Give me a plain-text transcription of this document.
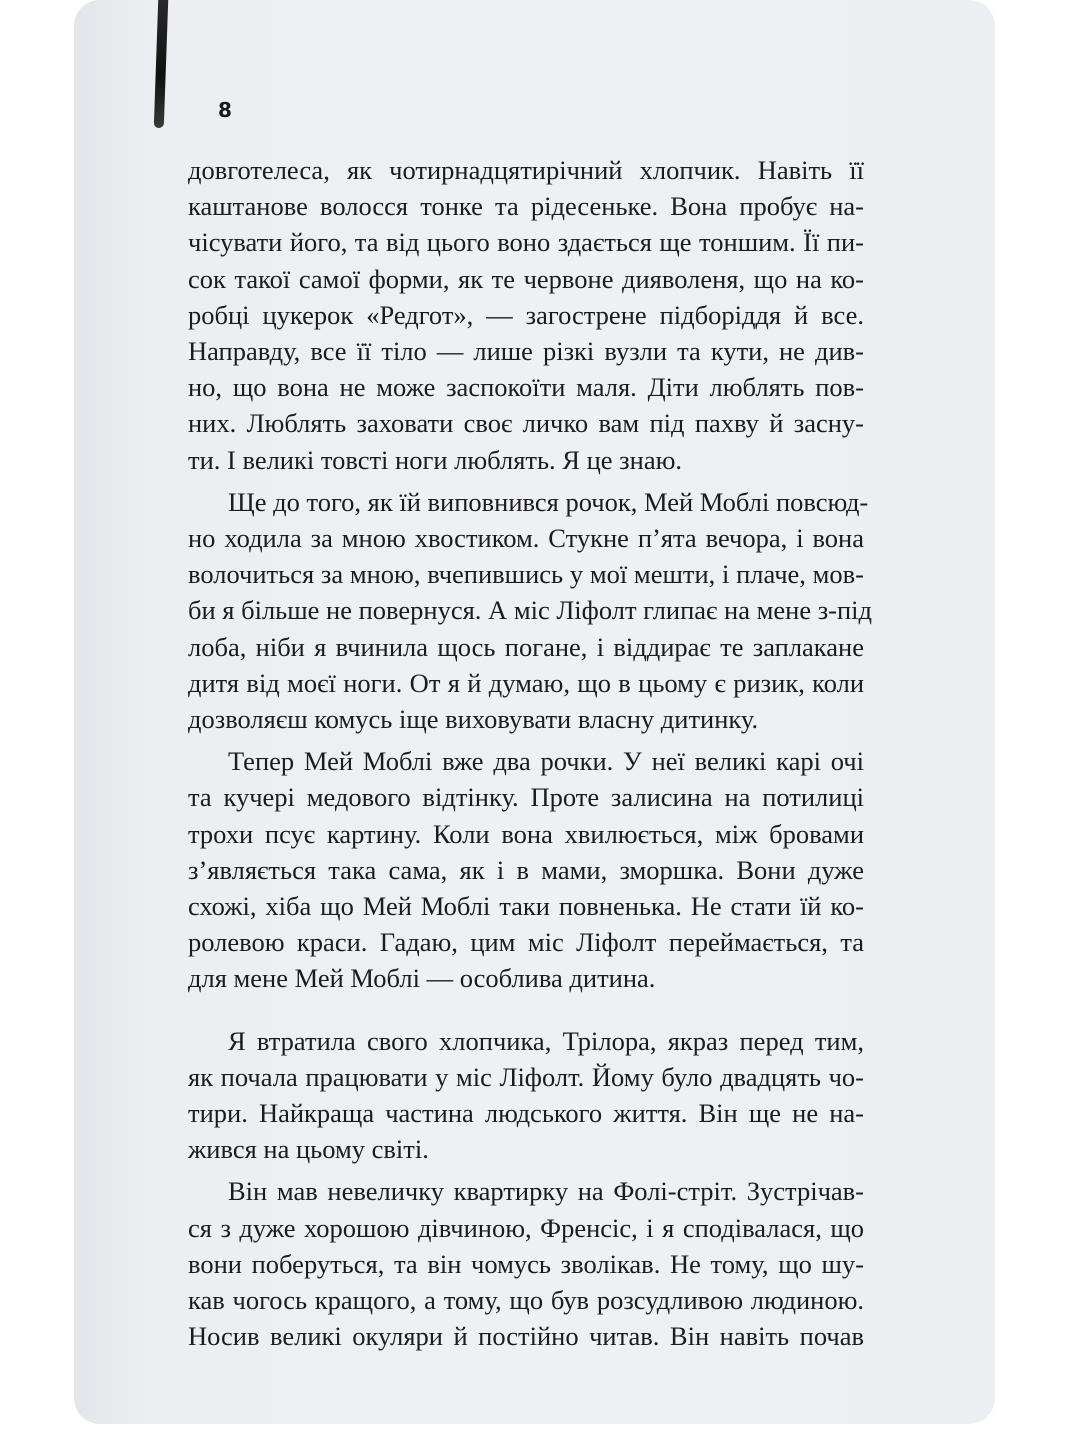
8
довготелеса, як чотирнадцятирічний хлопчик. Навіть її
каштанове волосся тонке та рідесеньке. Вона пробує на-
чісувати його, та від цього воно здається ще тоншим. Її пи-
сок такої самої форми, як те червоне дияволеня, що на ко-
робці цукерок «Редгот», — загострене підборіддя й все.
Направду, все її тіло — лише різкі вузли та кути, не див-
но, що вона не може заспокоїти маля. Діти люблять пов-
них. Люблять заховати своє личко вам під пахву й засну-
ти. І великі товсті ноги люблять. Я це знаю.
Ще до того, як їй виповнився рочок, Мей Моблі повсюд-
но ходила за мною хвостиком. Стукне п’ята вечора, і вона
волочиться за мною, вчепившись у мої мешти, і плаче, мов-
би я більше не повернуся. А міс Ліфолт глипає на мене з-під
лоба, ніби я вчинила щось погане, і віддирає те заплакане
дитя від моєї ноги. От я й думаю, що в цьому є ризик, коли
дозволяєш комусь іще виховувати власну дитинку.
Тепер Мей Моблі вже два рочки. У неї великі карі очі
та кучері медового відтінку. Проте залисина на потилиці
трохи псує картину. Коли вона хвилюється, між бровами
з’являється така сама, як і в мами, зморшка. Вони дуже
схожі, хіба що Мей Моблі таки повненька. Не стати їй ко-
ролевою краси. Гадаю, цим міс Ліфолт переймається, та
для мене Мей Моблі — особлива дитина.
Я втратила свого хлопчика, Трілора, якраз перед тим,
як почала працювати у міс Ліфолт. Йому було двадцять чо-
тири. Найкраща частина людського життя. Він ще не на-
жився на цьому світі.
Він мав невеличку квартирку на Фолі-стріт. Зустрічав-
ся з дуже хорошою дівчиною, Френсіс, і я сподівалася, що
вони поберуться, та він чомусь зволікав. Не тому, що шу-
кав чогось кращого, а тому, що був розсудливою людиною.
Носив великі окуляри й постійно читав. Він навіть почав
